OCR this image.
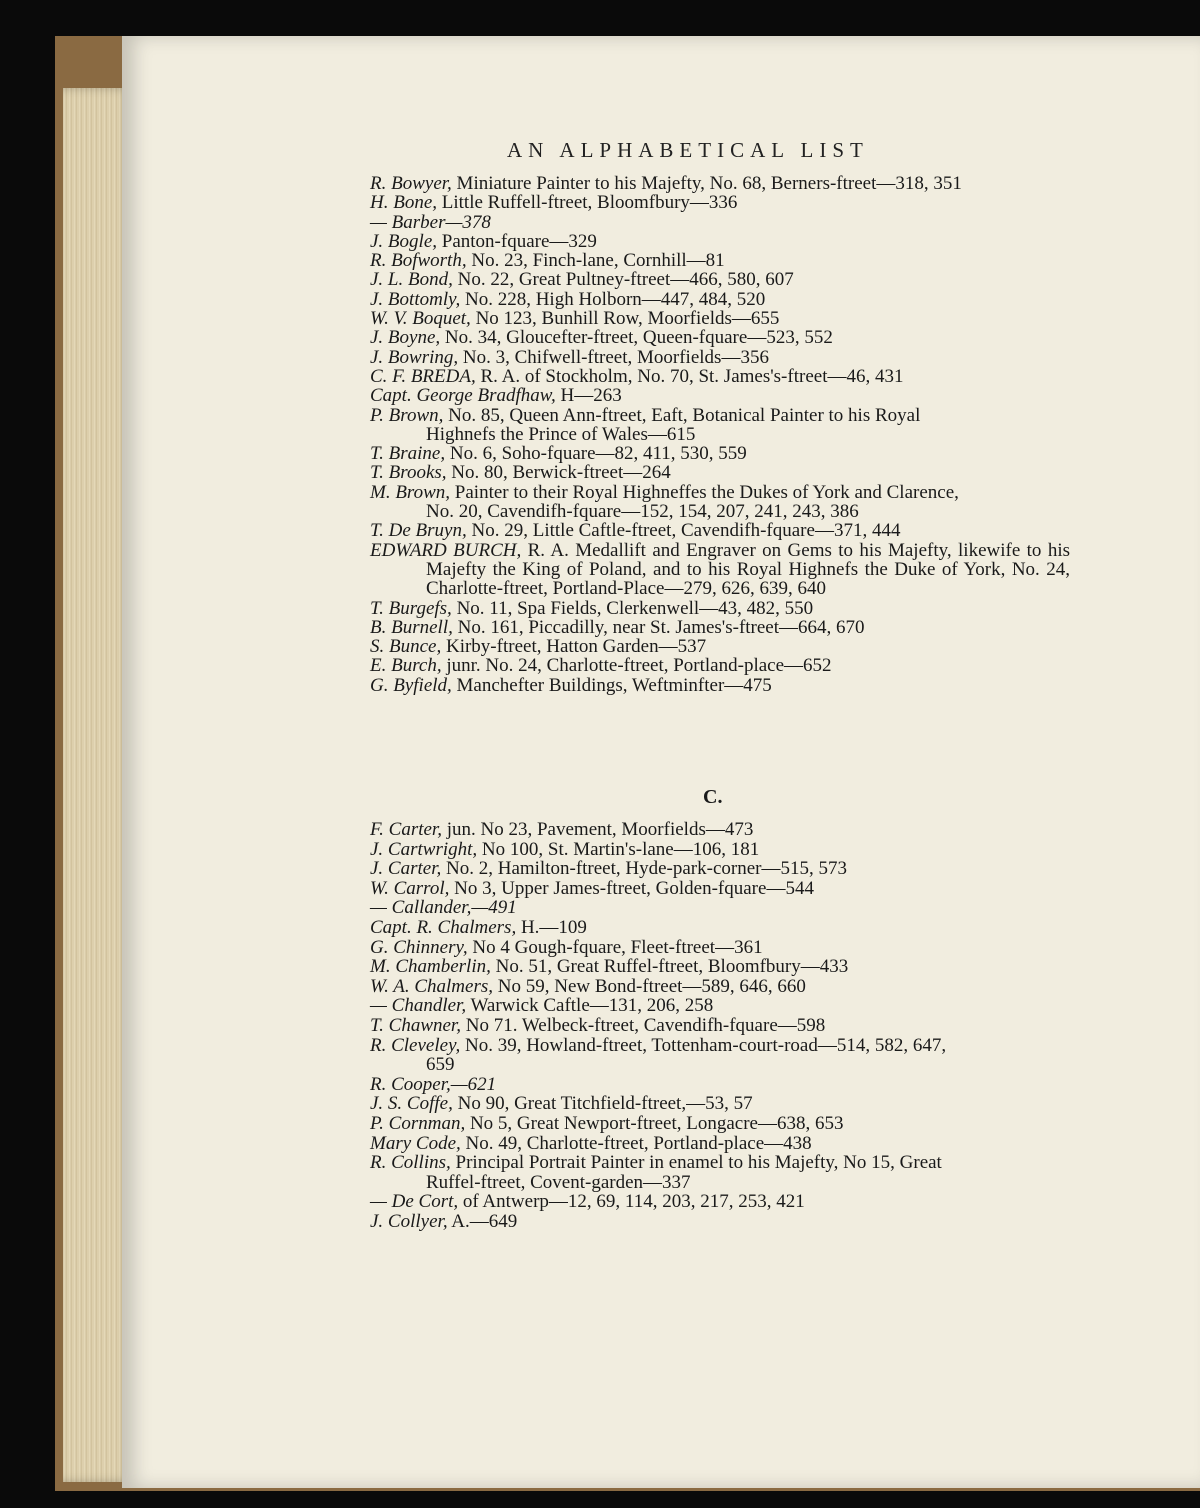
AN ALPHABETICAL LIST
R. Bowyer, Miniature Painter to his Majefty, No. 68, Berners-ftreet—318, 351
H. Bone, Little Ruffell-ftreet, Bloomfbury—336
— Barber—378
J. Bogle, Panton-fquare—329
R. Bofworth, No. 23, Finch-lane, Cornhill—81
J. L. Bond, No. 22, Great Pultney-ftreet—466, 580, 607
J. Bottomly, No. 228, High Holborn—447, 484, 520
W. V. Boquet, No 123, Bunhill Row, Moorfields—655
J. Boyne, No. 34, Gloucefter-ftreet, Queen-fquare—523, 552
J. Bowring, No. 3, Chifwell-ftreet, Moorfields—356
C. F. BREDA, R. A. of Stockholm, No. 70, St. James's-ftreet—46, 431
Capt. George Bradfhaw, H—263
P. Brown, No. 85, Queen Ann-ftreet, Eaft, Botanical Painter to his Royal
Highnefs the Prince of Wales—615
T. Braine, No. 6, Soho-fquare—82, 411, 530, 559
T. Brooks, No. 80, Berwick-ftreet—264
M. Brown, Painter to their Royal Highneffes the Dukes of York and Clarence,
No. 20, Cavendifh-fquare—152, 154, 207, 241, 243, 386
T. De Bruyn, No. 29, Little Caftle-ftreet, Cavendifh-fquare—371, 444
EDWARD BURCH, R. A. Medallift and Engraver on Gems to his Majefty, likewife to his Majefty the King of Poland, and to his Royal Highnefs the Duke of York, No. 24, Charlotte-ftreet, Portland-Place—279, 626, 639, 640
T. Burgefs, No. 11, Spa Fields, Clerkenwell—43, 482, 550
B. Burnell, No. 161, Piccadilly, near St. James's-ftreet—664, 670
S. Bunce, Kirby-ftreet, Hatton Garden—537
E. Burch, junr. No. 24, Charlotte-ftreet, Portland-place—652
G. Byfield, Manchefter Buildings, Weftminfter—475
C.
F. Carter, jun. No 23, Pavement, Moorfields—473
J. Cartwright, No 100, St. Martin's-lane—106, 181
J. Carter, No. 2, Hamilton-ftreet, Hyde-park-corner—515, 573
W. Carrol, No 3, Upper James-ftreet, Golden-fquare—544
— Callander,—491
Capt. R. Chalmers, H.—109
G. Chinnery, No 4 Gough-fquare, Fleet-ftreet—361
M. Chamberlin, No. 51, Great Ruffel-ftreet, Bloomfbury—433
W. A. Chalmers, No 59, New Bond-ftreet—589, 646, 660
— Chandler, Warwick Caftle—131, 206, 258
T. Chawner, No 71. Welbeck-ftreet, Cavendifh-fquare—598
R. Cleveley, No. 39, Howland-ftreet, Tottenham-court-road—514, 582, 647,
659
R. Cooper,—621
J. S. Coffe, No 90, Great Titchfield-ftreet,—53, 57
P. Cornman, No 5, Great Newport-ftreet, Longacre—638, 653
Mary Code, No. 49, Charlotte-ftreet, Portland-place—438
R. Collins, Principal Portrait Painter in enamel to his Majefty, No 15, Great
Ruffel-ftreet, Covent-garden—337
— De Cort, of Antwerp—12, 69, 114, 203, 217, 253, 421
J. Collyer, A.—649
